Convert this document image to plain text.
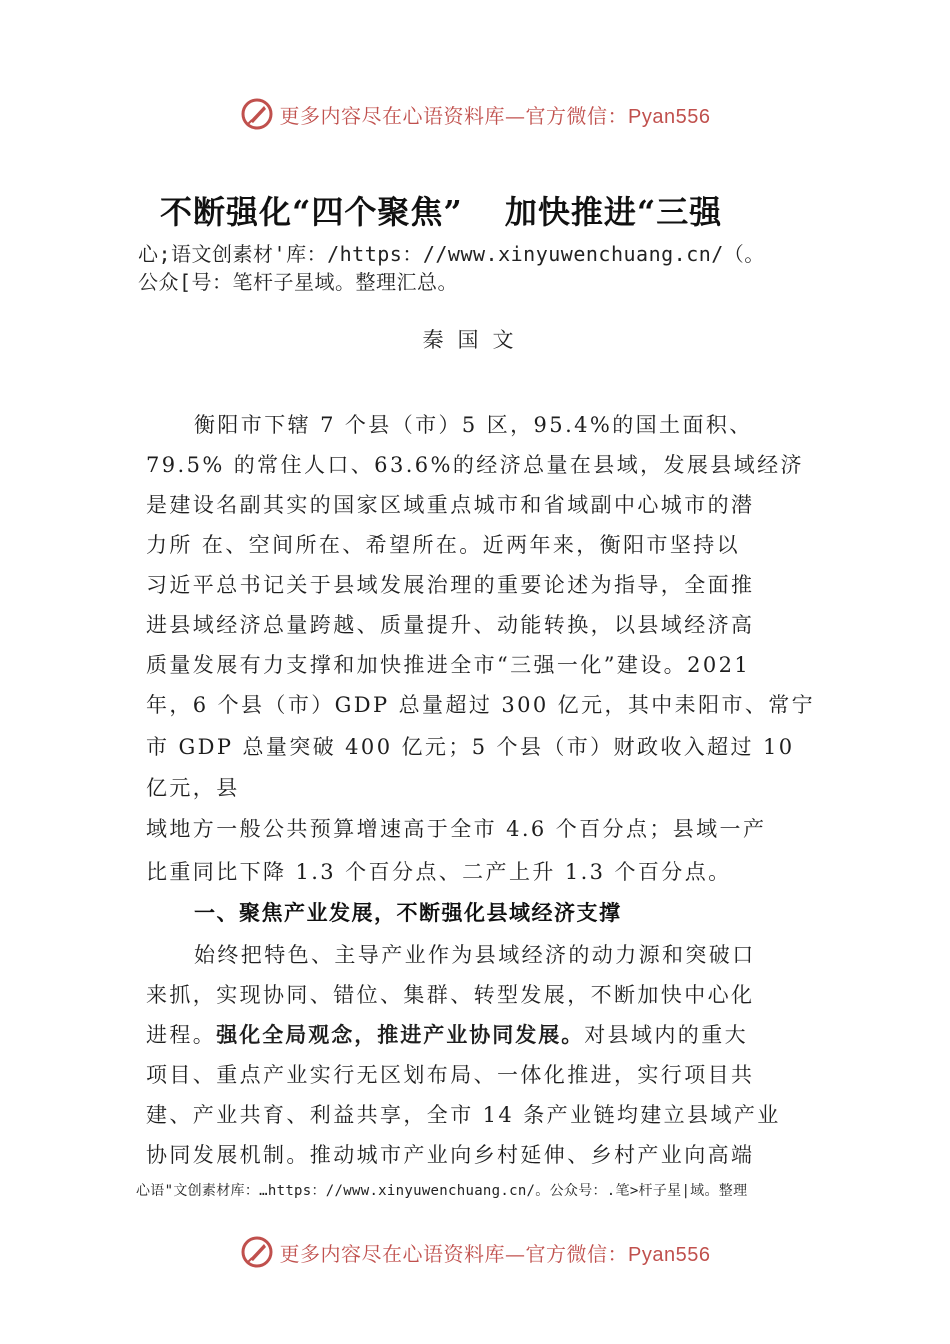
更多内容尽在心语资料库—官方微信：Pyan556
不断强化“四个聚焦” 加快推进“三强
心;语文创素材'库：/https：//www.xinyuwenchuang.cn/（。
公众[号：笔杆子星域。整理汇总。
秦国文
衡阳市下辖 7 个县（市）5 区，95.4%的国土面积、
79.5% 的常住人口、63.6%的经济总量在县域，发展县域经济
是建设名副其实的国家区域重点城市和省域副中心城市的潜
力所 在、空间所在、希望所在。近两年来，衡阳市坚持以
习近平总书记关于县域发展治理的重要论述为指导，全面推
进县域经济总量跨越、质量提升、动能转换，以县域经济高
质量发展有力支撑和加快推进全市“三强一化”建设。2021
年，6 个县（市）GDP 总量超过 300 亿元，其中耒阳市、常宁
市 GDP 总量突破 400 亿元；5 个县（市）财政收入超过 10
亿元，县
域地方一般公共预算增速高于全市 4.6 个百分点；县域一产
比重同比下降 1.3 个百分点、二产上升 1.3 个百分点。
一、聚焦产业发展，不断强化县域经济支撑
始终把特色、主导产业作为县域经济的动力源和突破口
来抓，实现协同、错位、集群、转型发展，不断加快中心化
进程。强化全局观念，推进产业协同发展。对县域内的重大
项目、重点产业实行无区划布局、一体化推进，实行项目共
建、产业共育、利益共享，全市 14 条产业链均建立县域产业
协同发展机制。推动城市产业向乡村延伸、乡村产业向高端
心语"文创素材库：…https：//www.xinyuwenchuang.cn/。公众号：.笔>杆子星|域。整理
更多内容尽在心语资料库—官方微信：Pyan556
